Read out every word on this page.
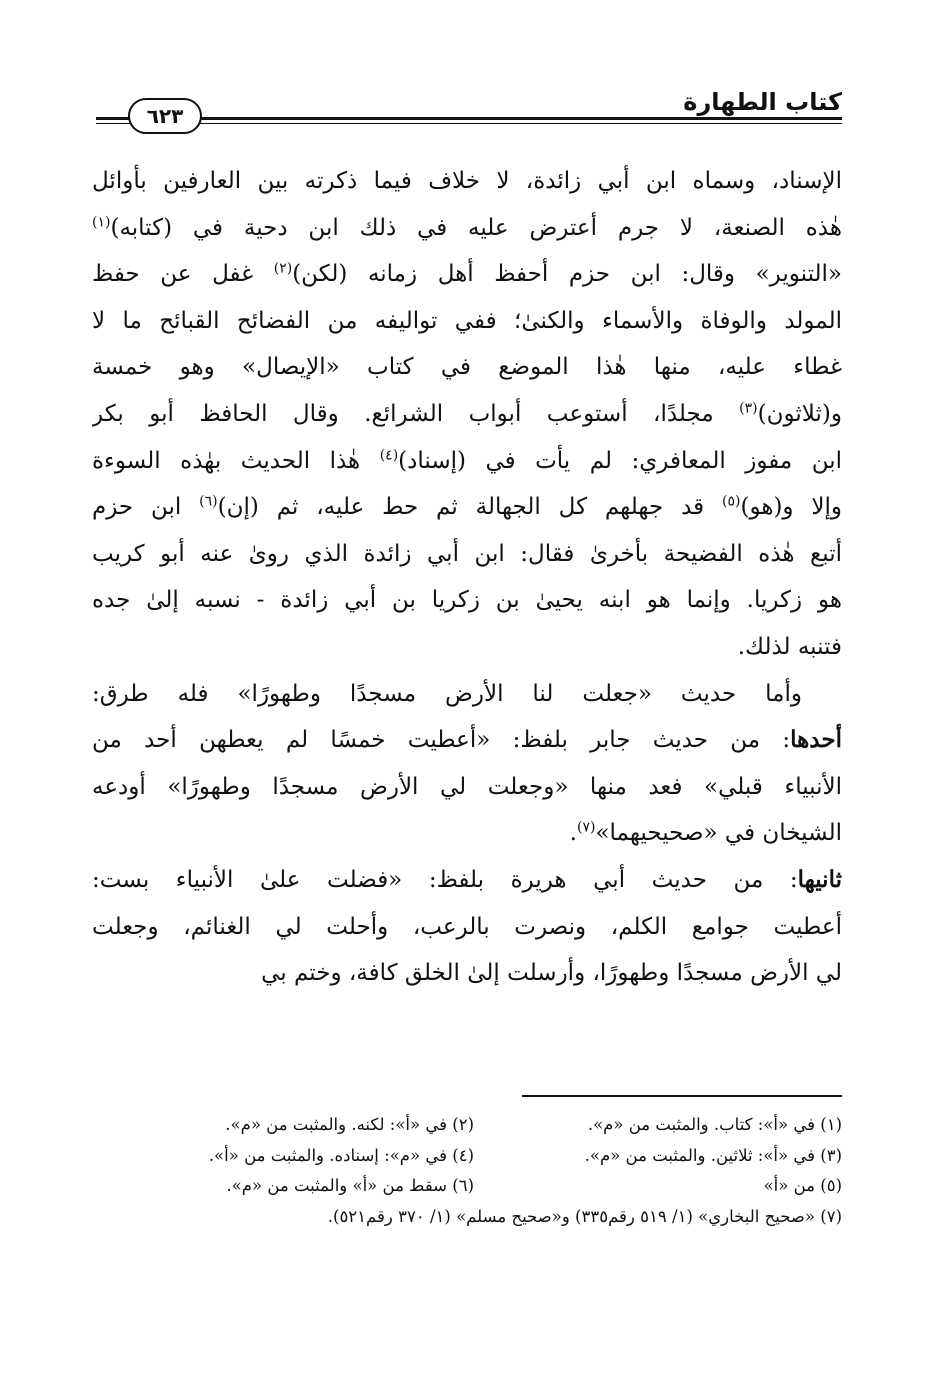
كتاب الطهارة
٦٢٣
الإسناد، وسماه ابن أبي زائدة، لا خلاف فيما ذكرته بين العارفين بأوائل
هٰذه الصنعة، لا جرم أعترض عليه في ذلك ابن دحية في (كتابه)$^{(١)}$
«التنوير» وقال: ابن حزم أحفظ أهل زمانه (لكن)$^{(٢)}$ غفل عن حفظ
المولد والوفاة والأسماء والكنىٰ؛ ففي تواليفه من الفضائح القبائح ما لا
غطاء عليه، منها هٰذا الموضع في كتاب «الإيصال» وهو خمسة
و(ثلاثون)$^{(٣)}$ مجلدًا، أستوعب أبواب الشرائع. وقال الحافظ أبو بكر
ابن مفوز المعافري: لم يأت في (إسناد)$^{(٤)}$ هٰذا الحديث بهٰذه السوءة
وإلا و(هو)$^{(٥)}$ قد جهلهم كل الجهالة ثم حط عليه، ثم (إن)$^{(٦)}$ ابن حزم
أتبع هٰذه الفضيحة بأخرىٰ فقال: ابن أبي زائدة الذي روىٰ عنه أبو كريب
هو زكريا. وإنما هو ابنه يحيىٰ بن زكريا بن أبي زائدة - نسبه إلىٰ جده
فتنبه لذلك.
وأما حديث «جعلت لنا الأرض مسجدًا وطهورًا» فله طرق:
أحدها: من حديث جابر بلفظ: «أعطيت خمسًا لم يعطهن أحد من
الأنبياء قبلي» فعد منها «وجعلت لي الأرض مسجدًا وطهورًا» أودعه
الشيخان في «صحيحيهما»$^{(٧)}$.
ثانيها: من حديث أبي هريرة بلفظ: «فضلت علىٰ الأنبياء بست:
أعطيت جوامع الكلم، ونصرت بالرعب، وأحلت لي الغنائم، وجعلت
لي الأرض مسجدًا وطهورًا، وأرسلت إلىٰ الخلق كافة، وختم بي
(١) في «أ»: كتاب. والمثبت من «م».
(٢) في «أ»: لكنه. والمثبت من «م».
(٣) في «أ»: ثلاثين. والمثبت من «م».
(٤) في «م»: إسناده. والمثبت من «أ».
(٥) من «أ»
(٦) سقط من «أ» والمثبت من «م».
(٧) «صحيح البخاري» (١/ ٥١٩ رقم٣٣٥) و«صحيح مسلم» (١/ ٣٧٠ رقم٥٢١).
